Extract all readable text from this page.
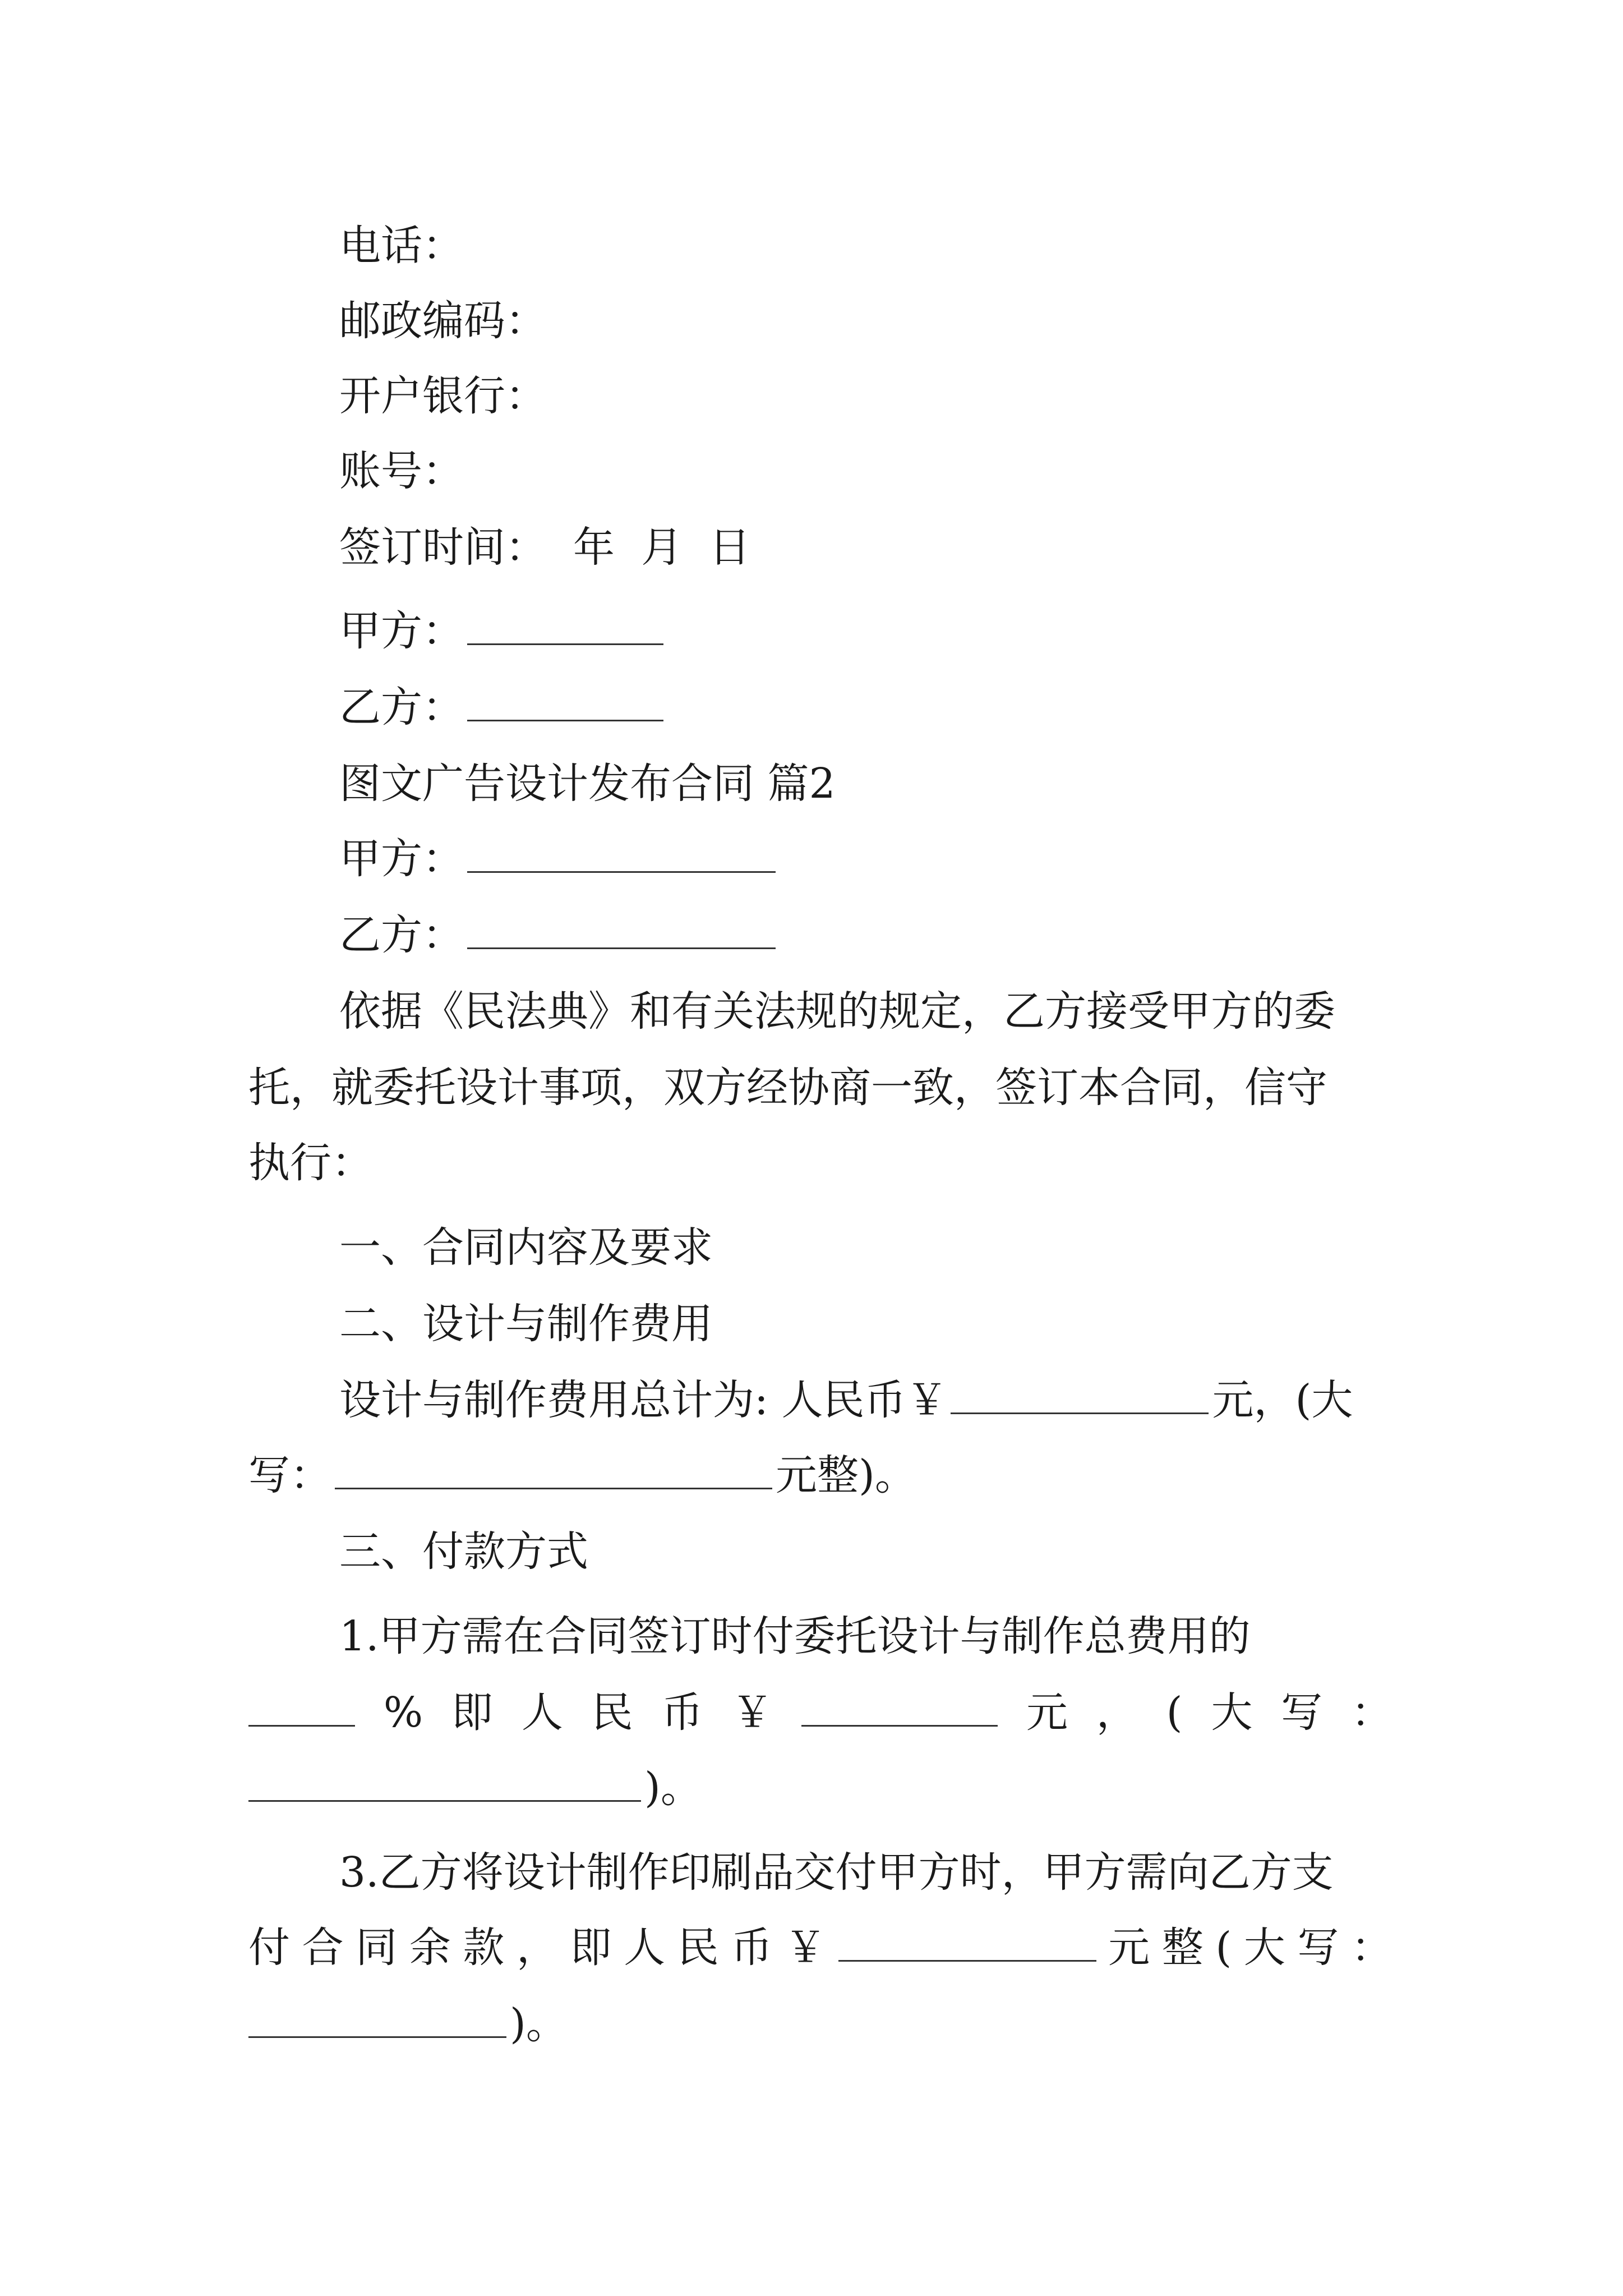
电话：
邮政编码：
开户银行：
账号：
签订时间：  年  月  日
甲方：
乙方：
图文广告设计发布合同 篇2
甲方：
乙方：
依据《民法典》和有关法规的规定，乙方接受甲方的委
托，就委托设计事项，双方经协商一致，签订本合同，信守
执行：
一、合同内容及要求
二、设计与制作费用
设计与制作费用总计为: 人民币￥	元，(大
写：	元整)。
三、付款方式
1.甲方需在合同签订时付委托设计与制作总费用的
% 即 人 民 币 ￥	元 ， ( 大 写 ：
)。
3.乙方将设计制作印刷品交付甲方时，甲方需向乙方支
付 合 同 余 款 ， 即 人 民 币 ￥	元 整 ( 大 写 ：
)。
